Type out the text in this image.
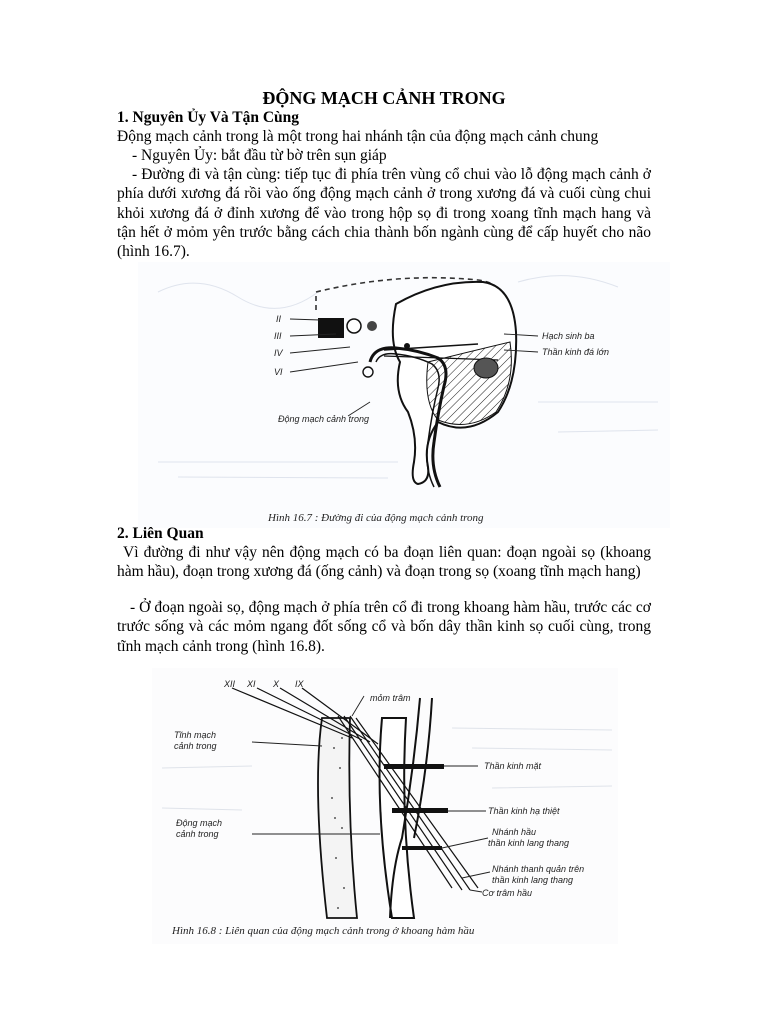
ĐỘNG MẠCH CẢNH TRONG
1. Nguyên Ủy Và Tận Cùng

Động mạch cảnh trong là một trong hai nhánh tận của động mạch cảnh chung

- Nguyên Ủy: bắt đầu từ bờ trên sụn giáp

- Đường đi và tận cùng: tiếp tục đi phía trên vùng cổ chui vào lỗ động mạch cảnh ở phía dưới xương đá rồi vào ống động mạch cảnh ở trong xương đá và cuối cùng chui khỏi xương đá ở đỉnh xương để vào trong hộp sọ đi trong xoang tĩnh mạch hang và tận hết ở mỏm yên trước bằng cách chia thành bốn ngành cùng để cấp huyết cho não (hình 16.7).

II
III
IV
VI
Động mạch cảnh trong
Hạch sinh ba
Thần kinh đá lớn
Hình 16.7 : Đường đi của động mạch cảnh trong
2. Liên Quan

Vì đường đi như vậy nên động mạch có ba đoạn liên quan: đoạn ngoài sọ (khoang hàm hầu), đoạn trong xương đá (ống cảnh) và đoạn trong sọ (xoang tĩnh mạch hang)

- Ở đoạn ngoài sọ, động mạch ở phía trên cổ đi trong khoang hàm hầu, trước các cơ trước sống và các mỏm ngang đốt sống cổ và bốn dây thần kinh sọ cuối cùng, trong tĩnh mạch cảnh trong (hình 16.8).

XII XI X IX
mỏm trâm
Tĩnh mạch
cảnh trong
Thần kinh mặt
Động mạch
cảnh trong
Thần kinh hạ thiệt
Nhánh hầu
thần kinh lang thang
Nhánh thanh quản trên
thần kinh lang thang
Cơ trâm hầu
Hình 16.8 : Liên quan của động mạch cảnh trong ở khoang hàm hầu
